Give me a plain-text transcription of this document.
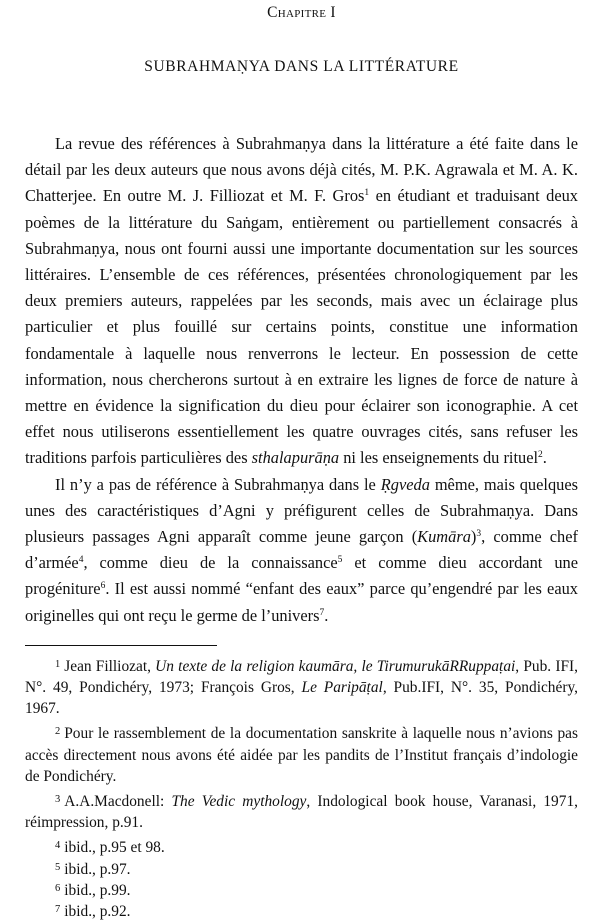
Chapitre I
SUBRAHMAṆYA DANS LA LITTÉRATURE

La revue des références à Subrahmaṇya dans la littérature a été faite dans le détail par les deux auteurs que nous avons déjà cités, M. P.K. Agrawala et M. A. K. Chatterjee. En outre M. J. Filliozat et M. F. Gros$^1$ en étudiant et traduisant deux poèmes de la littérature du Saṅgam, entièrement ou partiellement consacrés à Subrahmaṇya, nous ont fourni aussi une importante documentation sur les sources littéraires. L’ensemble de ces références, présentées chronologiquement par les deux premiers auteurs, rappelées par les seconds, mais avec un éclairage plus particulier et plus fouillé sur certains points, constitue une information fondamentale à laquelle nous renverrons le lecteur. En possession de cette information, nous chercherons surtout à en extraire les lignes de force de nature à mettre en évidence la signification du dieu pour éclairer son iconographie. A cet effet nous utiliserons essentiellement les quatre ouvrages cités, sans refuser les traditions parfois particulières des sthalapurāṇa ni les enseignements du rituel$^2$.

Il n’y a pas de référence à Subrahmaṇya dans le Ṛgveda même, mais quelques unes des caractéristiques d’Agni y préfigurent celles de Subrahmaṇya. Dans plusieurs passages Agni apparaît comme jeune garçon (Kumāra)$^3$, comme chef d’armée$^4$, comme dieu de la connaissance$^5$ et comme dieu accordant une progéniture$^6$. Il est aussi nommé “enfant des eaux” parce qu’engendré par les eaux originelles qui ont reçu le germe de l’univers$^7$.

$^1$ Jean Filliozat, Un texte de la religion kaumāra, le TirumurukāRRuppaṭai, Pub. IFI, N°. 49, Pondichéry, 1973; François Gros, Le Paripāṭal, Pub.IFI, N°. 35, Pondichéry, 1967.

$^2$ Pour le rassemblement de la documentation sanskrite à laquelle nous n’avions pas accès directement nous avons été aidée par les pandits de l’Institut français d’indologie de Pondichéry.

$^3$ A.A.Macdonell: The Vedic mythology, Indological book house, Varanasi, 1971, réimpression, p.91.

$^4$ ibid., p.95 et 98.

$^5$ ibid., p.97.

$^6$ ibid., p.99.

$^7$ ibid., p.92.
